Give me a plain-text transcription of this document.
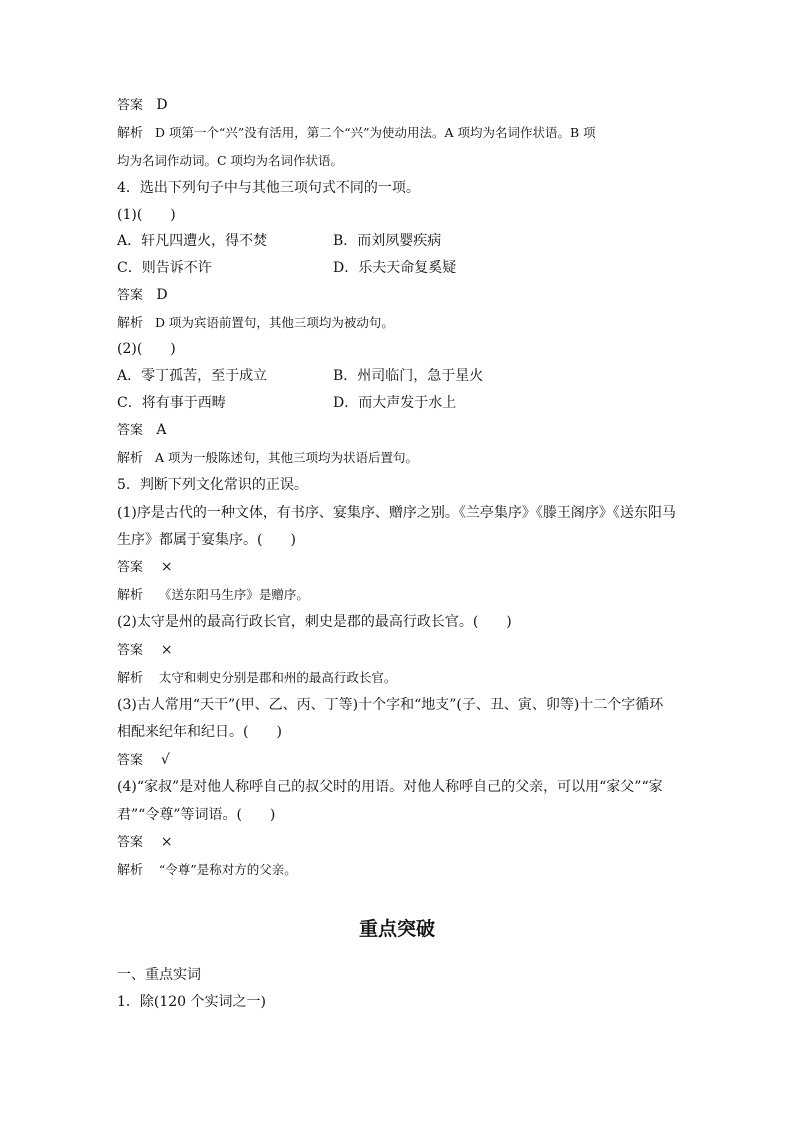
答案 D
解析 D 项第一个“兴”没有活用，第二个“兴”为使动用法。A 项均为名词作状语。B 项
均为名词作动词。C 项均为名词作状语。
4．选出下列句子中与其他三项句式不同的一项。
(1)(　　)
A．轩凡四遭火，得不焚	B．而刘夙婴疾病
C．则告诉不许	D．乐夫天命复奚疑
答案 D
解析 D 项为宾语前置句，其他三项均为被动句。
(2)(　　)
A．零丁孤苦，至于成立	B．州司临门，急于星火
C．将有事于西畴	D．而大声发于水上
答案 A
解析 A 项为一般陈述句，其他三项均为状语后置句。
5．判断下列文化常识的正误。
(1)序是古代的一种文体，有书序、宴集序、赠序之别。《兰亭集序》《滕王阁序》《送东阳马
生序》都属于宴集序。(　　)
答案 ×
解析 《送东阳马生序》是赠序。
(2)太守是州的最高行政长官，刺史是郡的最高行政长官。(　　)
答案 ×
解析 太守和刺史分别是郡和州的最高行政长官。
(3)古人常用“天干”(甲、乙、丙、丁等)十个字和“地支”(子、丑、寅、卯等)十二个字循环
相配来纪年和纪日。(　　)
答案 √
(4)“家叔”是对他人称呼自己的叔父时的用语。对他人称呼自己的父亲，可以用“家父”“家
君”“令尊”等词语。(　　)
答案 ×
解析 “令尊”是称对方的父亲。
重点突破
一、重点实词
1．除(120 个实词之一)
